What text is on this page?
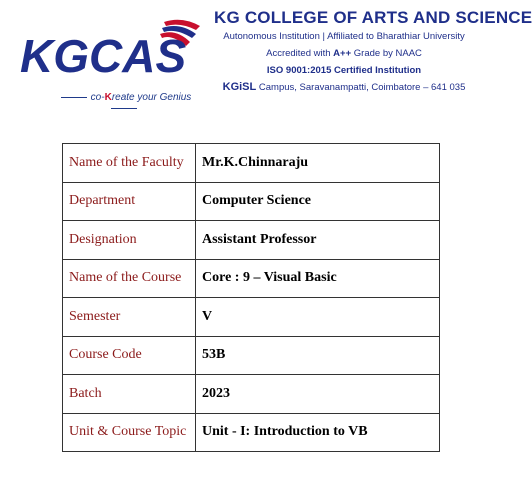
KGCAS
co-Kreate your Genius
KG COLLEGE OF ARTS AND SCIENCE
Autonomous Institution | Affiliated to Bharathiar University
Accredited with A++ Grade by NAAC
ISO 9001:2015 Certified Institution
KGiSL Campus, Saravanampatti, Coimbatore – 641 035
Name of the Faculty	Mr.K.Chinnaraju
Department	Computer Science
Designation	Assistant Professor
Name of the Course	Core : 9 – Visual Basic
Semester	V
Course Code	53B
Batch	2023
Unit & Course Topic	Unit - I: Introduction to VB
